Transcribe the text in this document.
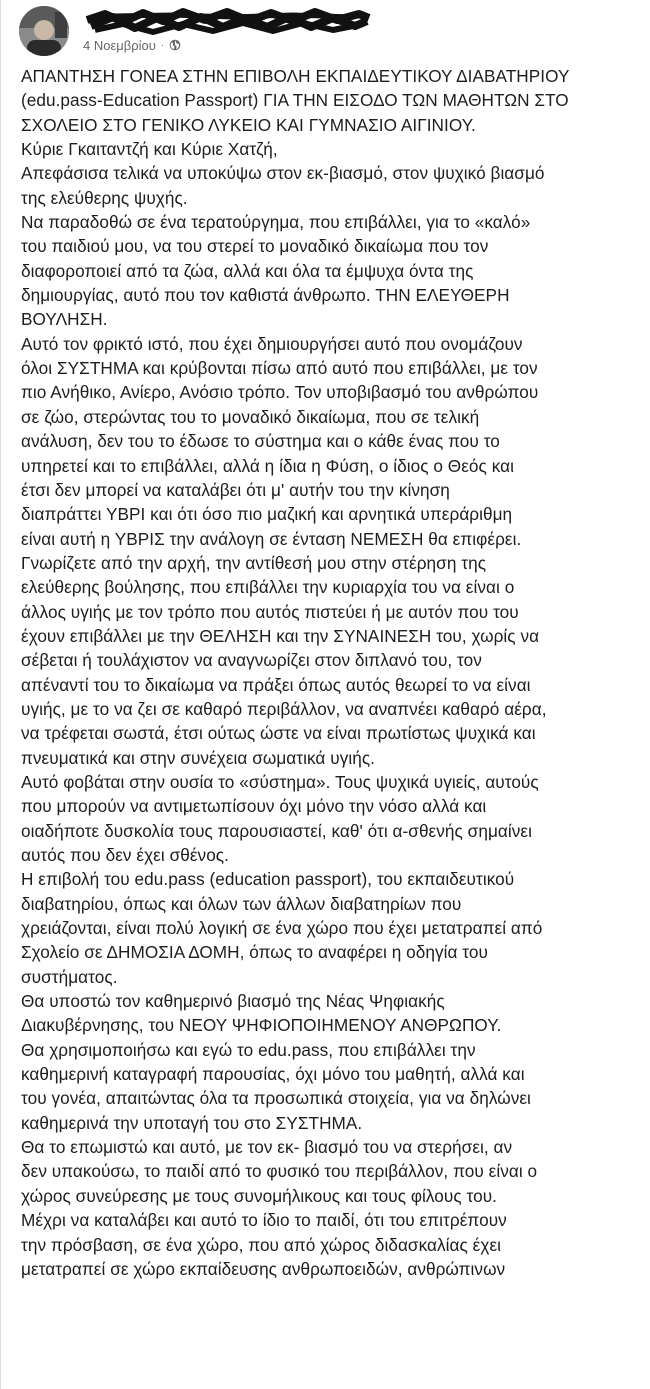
4 Νοεμβρίου ·
ΑΠΑΝΤΗΣΗ ΓΟΝΕΑ ΣΤΗΝ ΕΠΙΒΟΛΗ ΕΚΠΑΙΔΕΥΤΙΚΟΥ ΔΙΑΒΑΤΗΡΙΟΥ
(edu.pass-Education Passport) ΓΙΑ ΤΗΝ ΕΙΣΟΔΟ ΤΩΝ ΜΑΘΗΤΩΝ ΣΤΟ
ΣΧΟΛΕΙΟ ΣΤΟ ΓΕΝΙΚΟ ΛΥΚΕΙΟ ΚΑΙ ΓΥΜΝΑΣΙΟ ΑΙΓΙΝΙΟΥ.
Κύριε Γκαιταντζή και Κύριε Χατζή,
Απεφάσισα τελικά να υποκύψω στον εκ-βιασμό, στον ψυχικό βιασμό
της ελεύθερης ψυχής.
Να παραδοθώ σε ένα τερατούργημα, που επιβάλλει, για το «καλό»
του παιδιού μου, να του στερεί το μοναδικό δικαίωμα που τον
διαφοροποιεί από τα ζώα, αλλά και όλα τα έμψυχα όντα της
δημιουργίας, αυτό που τον καθιστά άνθρωπο. ΤΗΝ ΕΛΕΥΘΕΡΗ
ΒΟΥΛΗΣΗ.
Αυτό τον φρικτό ιστό, που έχει δημιουργήσει αυτό που ονομάζουν
όλοι ΣΥΣΤΗΜΑ και κρύβονται πίσω από αυτό που επιβάλλει, με τον
πιο Ανήθικο, Ανίερο, Ανόσιο τρόπο. Τον υποβιβασμό του ανθρώπου
σε ζώο, στερώντας του το μοναδικό δικαίωμα, που σε τελική
ανάλυση, δεν του το έδωσε το σύστημα και ο κάθε ένας που το
υπηρετεί και το επιβάλλει, αλλά η ίδια η Φύση, ο ίδιος ο Θεός και
έτσι δεν μπορεί να καταλάβει ότι μ' αυτήν του την κίνηση
διαπράττει ΥΒΡΙ και ότι όσο πιο μαζική και αρνητικά υπεράριθμη
είναι αυτή η ΥΒΡΙΣ την ανάλογη σε ένταση ΝΕΜΕΣΗ θα επιφέρει.
Γνωρίζετε από την αρχή, την αντίθεσή μου στην στέρηση της
ελεύθερης βούλησης, που επιβάλλει την κυριαρχία του να είναι ο
άλλος υγιής με τον τρόπο που αυτός πιστεύει ή με αυτόν που του
έχουν επιβάλλει με την ΘΕΛΗΣΗ και την ΣΥΝΑΙΝΕΣΗ του, χωρίς να
σέβεται ή τουλάχιστον να αναγνωρίζει στον διπλανό του, τον
απέναντί του το δικαίωμα να πράξει όπως αυτός θεωρεί το να είναι
υγιής, με το να ζει σε καθαρό περιβάλλον, να αναπνέει καθαρό αέρα,
να τρέφεται σωστά, έτσι ούτως ώστε να είναι πρωτίστως ψυχικά και
πνευματικά και στην συνέχεια σωματικά υγιής.
Αυτό φοβάται στην ουσία το «σύστημα». Τους ψυχικά υγιείς, αυτούς
που μπορούν να αντιμετωπίσουν όχι μόνο την νόσο αλλά και
οιαδήποτε δυσκολία τους παρουσιαστεί, καθ' ότι α-σθενής σημαίνει
αυτός που δεν έχει σθένος.
Η επιβολή του edu.pass (education passport), του εκπαιδευτικού
διαβατηρίου, όπως και όλων των άλλων διαβατηρίων που
χρειάζονται, είναι πολύ λογική σε ένα χώρο που έχει μετατραπεί από
Σχολείο σε ΔΗΜΟΣΙΑ ΔΟΜΗ, όπως το αναφέρει η οδηγία του
συστήματος.
Θα υποστώ τον καθημερινό βιασμό της Νέας Ψηφιακής
Διακυβέρνησης, του ΝΕΟΥ ΨΗΦΙΟΠΟΙΗΜΕΝΟΥ ΑΝΘΡΩΠΟΥ.
Θα χρησιμοποιήσω και εγώ το edu.pass, που επιβάλλει την
καθημερινή καταγραφή παρουσίας, όχι μόνο του μαθητή, αλλά και
του γονέα, απαιτώντας όλα τα προσωπικά στοιχεία, για να δηλώνει
καθημερινά την υποταγή του στο ΣΥΣΤΗΜΑ.
Θα το επωμιστώ και αυτό, με τον εκ- βιασμό του να στερήσει, αν
δεν υπακούσω, το παιδί από το φυσικό του περιβάλλον, που είναι ο
χώρος συνεύρεσης με τους συνομήλικους και τους φίλους του.
Μέχρι να καταλάβει και αυτό το ίδιο το παιδί, ότι του επιτρέπουν
την πρόσβαση, σε ένα χώρο, που από χώρος διδασκαλίας έχει
μετατραπεί σε χώρο εκπαίδευσης ανθρωποειδών, ανθρώπινων
